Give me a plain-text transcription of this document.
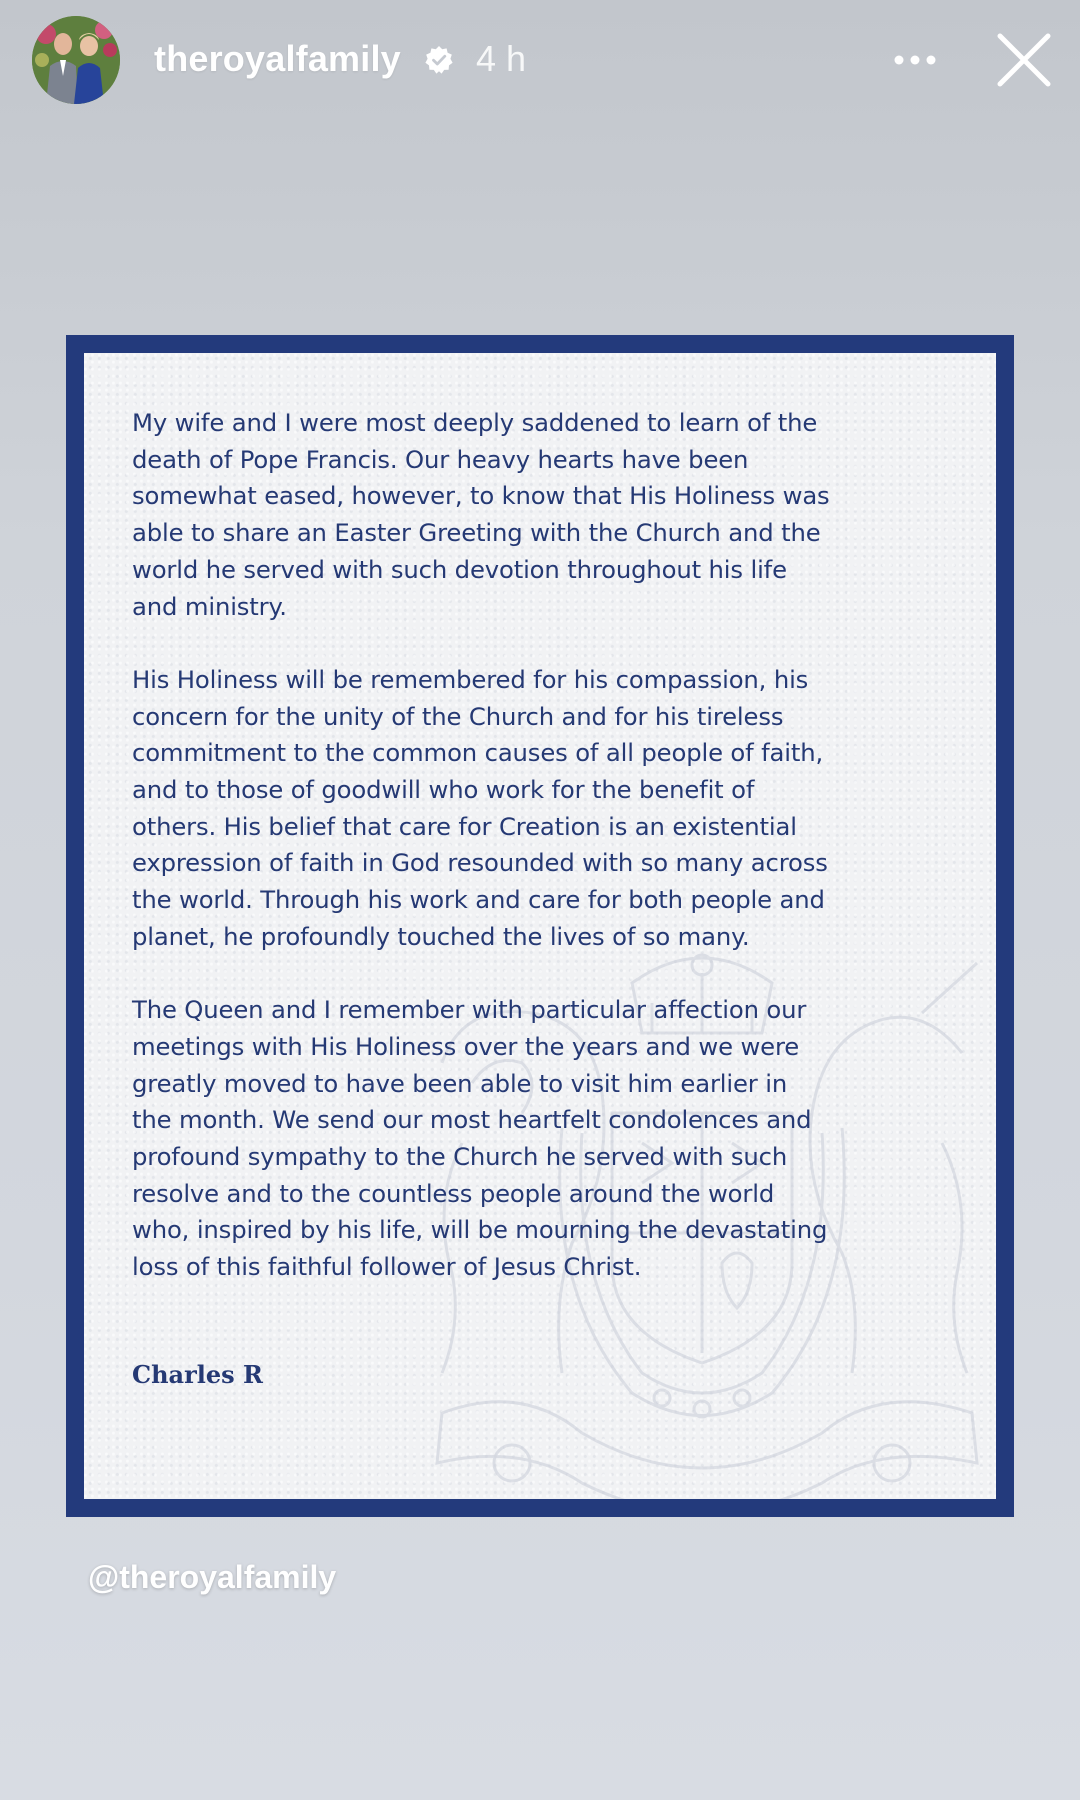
theroyalfamily 4 h

My wife and I were most deeply saddened to learn of the
death of Pope Francis. Our heavy hearts have been
somewhat eased, however, to know that His Holiness was
able to share an Easter Greeting with the Church and the
world he served with such devotion throughout his life
and ministry.

His Holiness will be remembered for his compassion, his
concern for the unity of the Church and for his tireless
commitment to the common causes of all people of faith,
and to those of goodwill who work for the benefit of
others. His belief that care for Creation is an existential
expression of faith in God resounded with so many across
the world. Through his work and care for both people and
planet, he profoundly touched the lives of so many.

The Queen and I remember with particular affection our
meetings with His Holiness over the years and we were
greatly moved to have been able to visit him earlier in
the month. We send our most heartfelt condolences and
profound sympathy to the Church he served with such
resolve and to the countless people around the world
who, inspired by his life, will be mourning the devastating
loss of this faithful follower of Jesus Christ.

Charles R
@theroyalfamily
